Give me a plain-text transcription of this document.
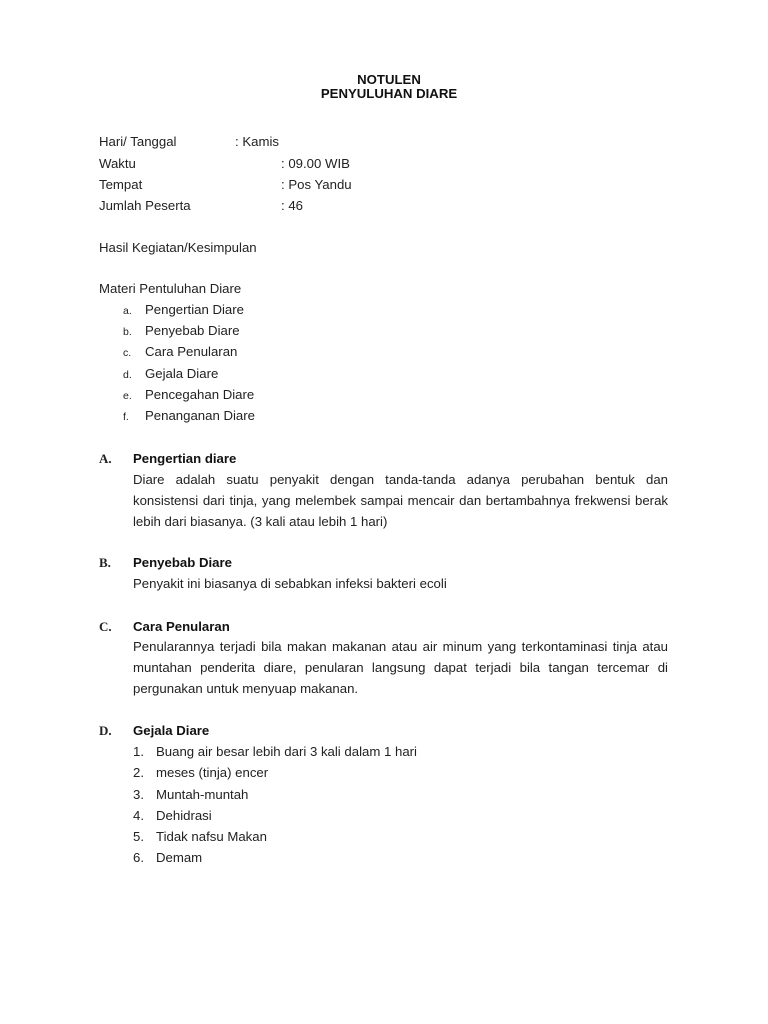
NOTULEN
PENYULUHAN DIARE
Hari/ Tanggal	: Kamis
Waktu	: 09.00 WIB
Tempat	: Pos Yandu
Jumlah Peserta	: 46
Hasil Kegiatan/Kesimpulan
Materi Pentuluhan Diare
a. Pengertian Diare
b. Penyebab Diare
c. Cara Penularan
d. Gejala Diare
e. Pencegahan Diare
f. Penanganan Diare
A. Pengertian diare
Diare adalah suatu penyakit dengan tanda-tanda adanya perubahan bentuk dan konsistensi dari tinja, yang melembek sampai mencair dan bertambahnya frekwensi berak lebih dari biasanya. (3 kali atau lebih 1 hari)
B. Penyebab Diare
Penyakit ini biasanya di sebabkan infeksi bakteri ecoli
C. Cara Penularan
Penularannya terjadi bila makan makanan atau air minum yang terkontaminasi tinja atau muntahan penderita diare, penularan langsung dapat terjadi bila tangan tercemar di pergunakan untuk menyuap makanan.
D. Gejala Diare
1. Buang air besar lebih dari 3 kali dalam 1 hari
2. meses (tinja) encer
3. Muntah-muntah
4. Dehidrasi
5. Tidak nafsu Makan
6. Demam
